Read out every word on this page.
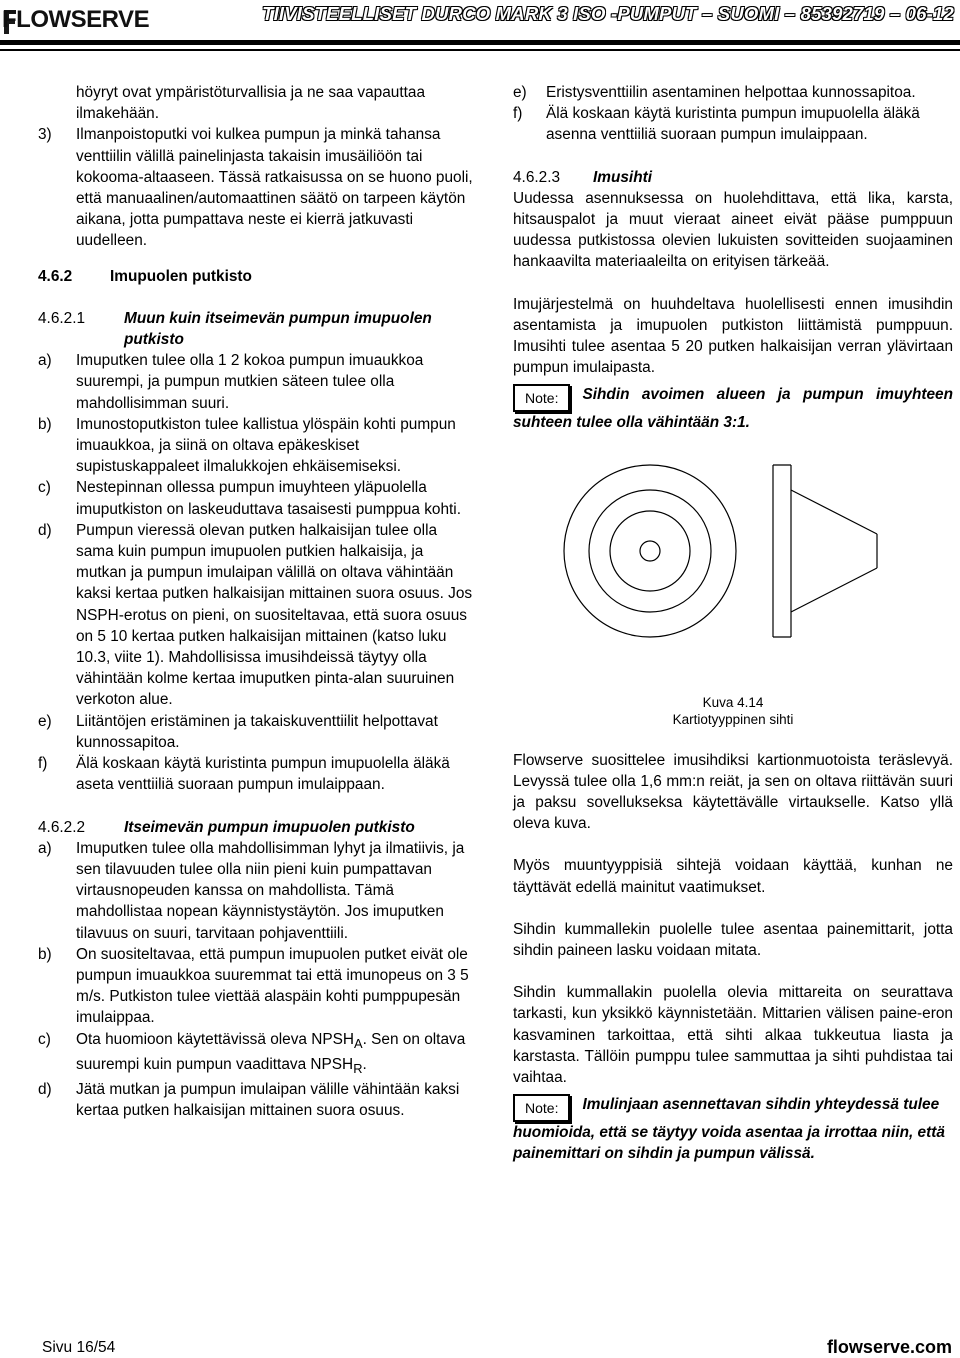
FLOWSERVE	TIIVISTEELLISET DURCO MARK 3 ISO -PUMPUT – SUOMI – 85392719 – 06-12

höyryt ovat ympäristöturvallisia ja ne saa vapauttaa ilmakehään.

3)	Ilmanpoistoputki voi kulkea pumpun ja minkä tahansa venttiilin välillä painelinjasta takaisin imusäiliöön tai kokooma-altaaseen. Tässä ratkaisussa on se huono puoli, että manuaalinen/automaattinen säätö on tarpeen käytön aikana, jotta pumpattava neste ei kierrä jatkuvasti uudelleen.
4.6.2	Imupuolen putkisto
4.6.2.1	Muun kuin itseimevän pumpun imupuolen putkisto
a)	Imuputken tulee olla 1 2 kokoa pumpun imuaukkoa suurempi, ja pumpun mutkien säteen tulee olla mahdollisimman suuri.
b)	Imunostoputkiston tulee kallistua ylöspäin kohti pumpun imuaukkoa, ja siinä on oltava epäkeskiset supistuskappaleet ilmalukkojen ehkäisemiseksi.
c)	Nestepinnan ollessa pumpun imuyhteen yläpuolella imuputkiston on laskeuduttava tasaisesti pumppua kohti.
d)	Pumpun vieressä olevan putken halkaisijan tulee olla sama kuin pumpun imupuolen putkien halkaisija, ja mutkan ja pumpun imulaipan välillä on oltava vähintään kaksi kertaa putken halkaisijan mittainen suora osuus. Jos NSPH-erotus on pieni, on suositeltavaa, että suora osuus on 5 10 kertaa putken halkaisijan mittainen (katso luku 10.3, viite 1). Mahdollisissa imusihdeissä täytyy olla vähintään kolme kertaa imuputken pinta-alan suuruinen verkoton alue.
e)	Liitäntöjen eristäminen ja takaiskuventtiilit helpottavat kunnossapitoa.
f)	Älä koskaan käytä kuristinta pumpun imupuolella äläkä aseta venttiiliä suoraan pumpun imulaippaan.
4.6.2.2	Itseimevän pumpun imupuolen putkisto
a)	Imuputken tulee olla mahdollisimman lyhyt ja ilmatiivis, ja sen tilavuuden tulee olla niin pieni kuin pumpattavan virtausnopeuden kanssa on mahdollista. Tämä mahdollistaa nopean käynnistystäytön. Jos imuputken tilavuus on suuri, tarvitaan pohjaventtiili.
b)	On suositeltavaa, että pumpun imupuolen putket eivät ole pumpun imuaukkoa suuremmat tai että imunopeus on 3 5 m/s. Putkiston tulee viettää alaspäin kohti pumppupesän imulaippaa.
c)	Ota huomioon käytettävissä oleva $NPSH_A$. Sen on oltava suurempi kuin pumpun vaadittava $NPSH_R$.
d)	Jätä mutkan ja pumpun imulaipan välille vähintään kaksi kertaa putken halkaisijan mittainen suora osuus.
e)	Eristysventtiilin asentaminen helpottaa kunnossapitoa.
f)	Älä koskaan käytä kuristinta pumpun imupuolella äläkä asenna venttiiliä suoraan pumpun imulaippaan.
4.6.2.3	Imusihti

Uudessa asennuksessa on huolehdittava, että lika, karsta, hitsauspalot ja muut vieraat aineet eivät pääse pumppuun uudessa putkistossa olevien lukuisten sovitteiden suojaaminen hankaavilta materiaaleilta on erityisen tärkeää.

Imujärjestelmä on huuhdeltava huolellisesti ennen imusihdin asentamista ja imupuolen putkiston liittämistä pumppuun. Imusihti tulee asentaa 5 20 putken halkaisijan verran ylävirtaan pumpun imulaipasta.

Note: Sihdin avoimen alueen ja pumpun imuyhteen suhteen tulee olla vähintään 3:1.
Kuva 4.14
Kartiotyyppinen sihti

Flowserve suosittelee imusihdiksi kartionmuotoista teräslevyä. Levyssä tulee olla 1,6 mm:n reiät, ja sen on oltava riittävän suuri ja paksu sovellukseksa käytettävälle virtaukselle. Katso yllä oleva kuva.

Myös muuntyyppisiä sihtejä voidaan käyttää, kunhan ne täyttävät edellä mainitut vaatimukset.

Sihdin kummallekin puolelle tulee asentaa painemittarit, jotta sihdin paineen lasku voidaan mitata.

Sihdin kummallakin puolella olevia mittareita on seurattava tarkasti, kun yksikkö käynnistetään. Mittarien välisen paine-eron kasvaminen tarkoittaa, että sihti alkaa tukkeutua liasta ja karstasta. Tällöin pumppu tulee sammuttaa ja sihti puhdistaa tai vaihtaa.

Note: Imulinjaan asennettavan sihdin yhteydessä tulee huomioida, että se täytyy voida asentaa ja irrottaa niin, että painemittari on sihdin ja pumpun välissä.
Sivu 16/54	flowserve.com
